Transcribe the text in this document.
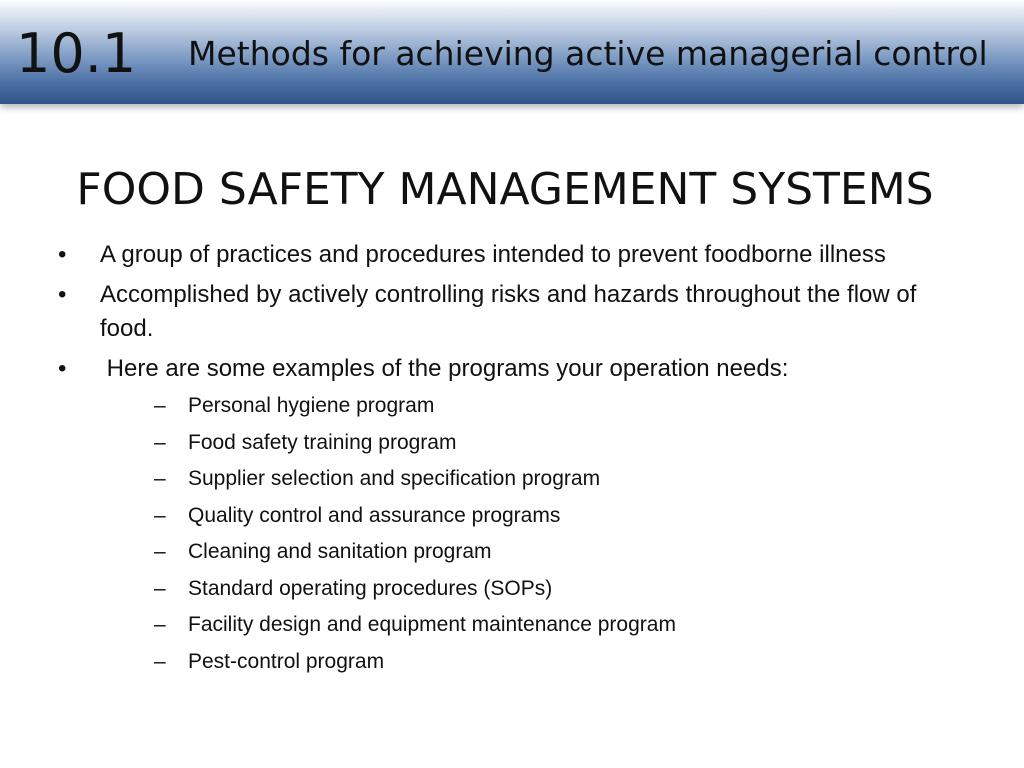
10.1 Methods for achieving active managerial control
FOOD SAFETY MANAGEMENT SYSTEMS
• A group of practices and procedures intended to prevent foodborne illness
• Accomplished by actively controlling risks and hazards throughout the flow of food.
• Here are some examples of the programs your operation needs:
– Personal hygiene program
– Food safety training program
– Supplier selection and specification program
– Quality control and assurance programs
– Cleaning and sanitation program
– Standard operating procedures (SOPs)
– Facility design and equipment maintenance program
– Pest-control program
